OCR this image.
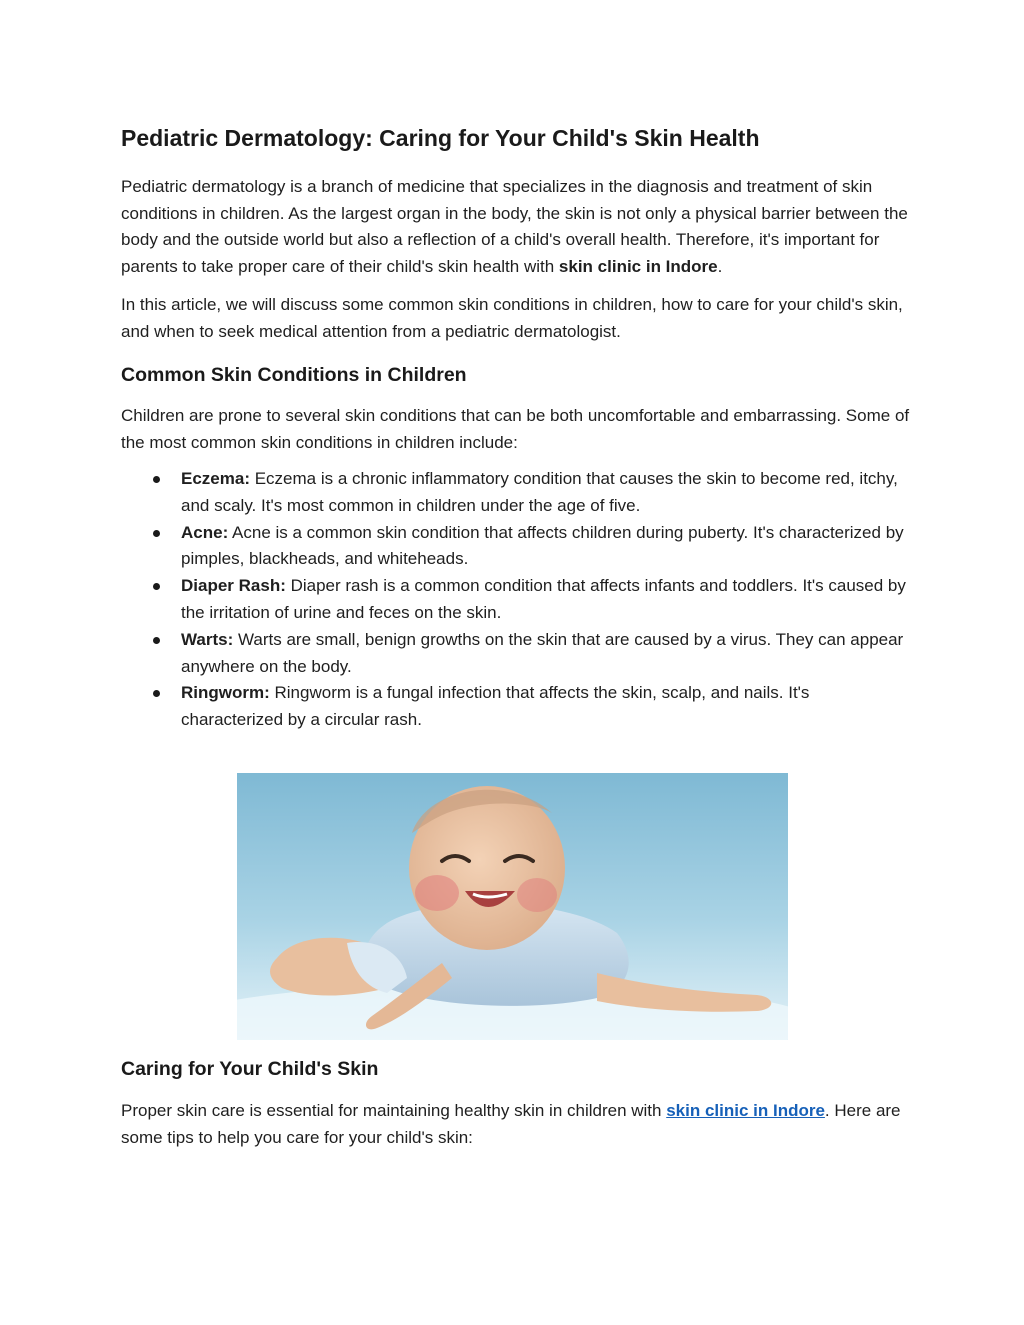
Pediatric Dermatology: Caring for Your Child's Skin Health

Pediatric dermatology is a branch of medicine that specializes in the diagnosis and treatment of skin conditions in children. As the largest organ in the body, the skin is not only a physical barrier between the body and the outside world but also a reflection of a child's overall health. Therefore, it's important for parents to take proper care of their child's skin health with skin clinic in Indore.

In this article, we will discuss some common skin conditions in children, how to care for your child's skin, and when to seek medical attention from a pediatric dermatologist.

Common Skin Conditions in Children

Children are prone to several skin conditions that can be both uncomfortable and embarrassing. Some of the most common skin conditions in children include:

Eczema: Eczema is a chronic inflammatory condition that causes the skin to become red, itchy, and scaly. It's most common in children under the age of five.
Acne: Acne is a common skin condition that affects children during puberty. It's characterized by pimples, blackheads, and whiteheads.
Diaper Rash: Diaper rash is a common condition that affects infants and toddlers. It's caused by the irritation of urine and feces on the skin.
Warts: Warts are small, benign growths on the skin that are caused by a virus. They can appear anywhere on the body.
Ringworm: Ringworm is a fungal infection that affects the skin, scalp, and nails. It's characterized by a circular rash.
Caring for Your Child's Skin

Proper skin care is essential for maintaining healthy skin in children with skin clinic in Indore. Here are some tips to help you care for your child's skin:
